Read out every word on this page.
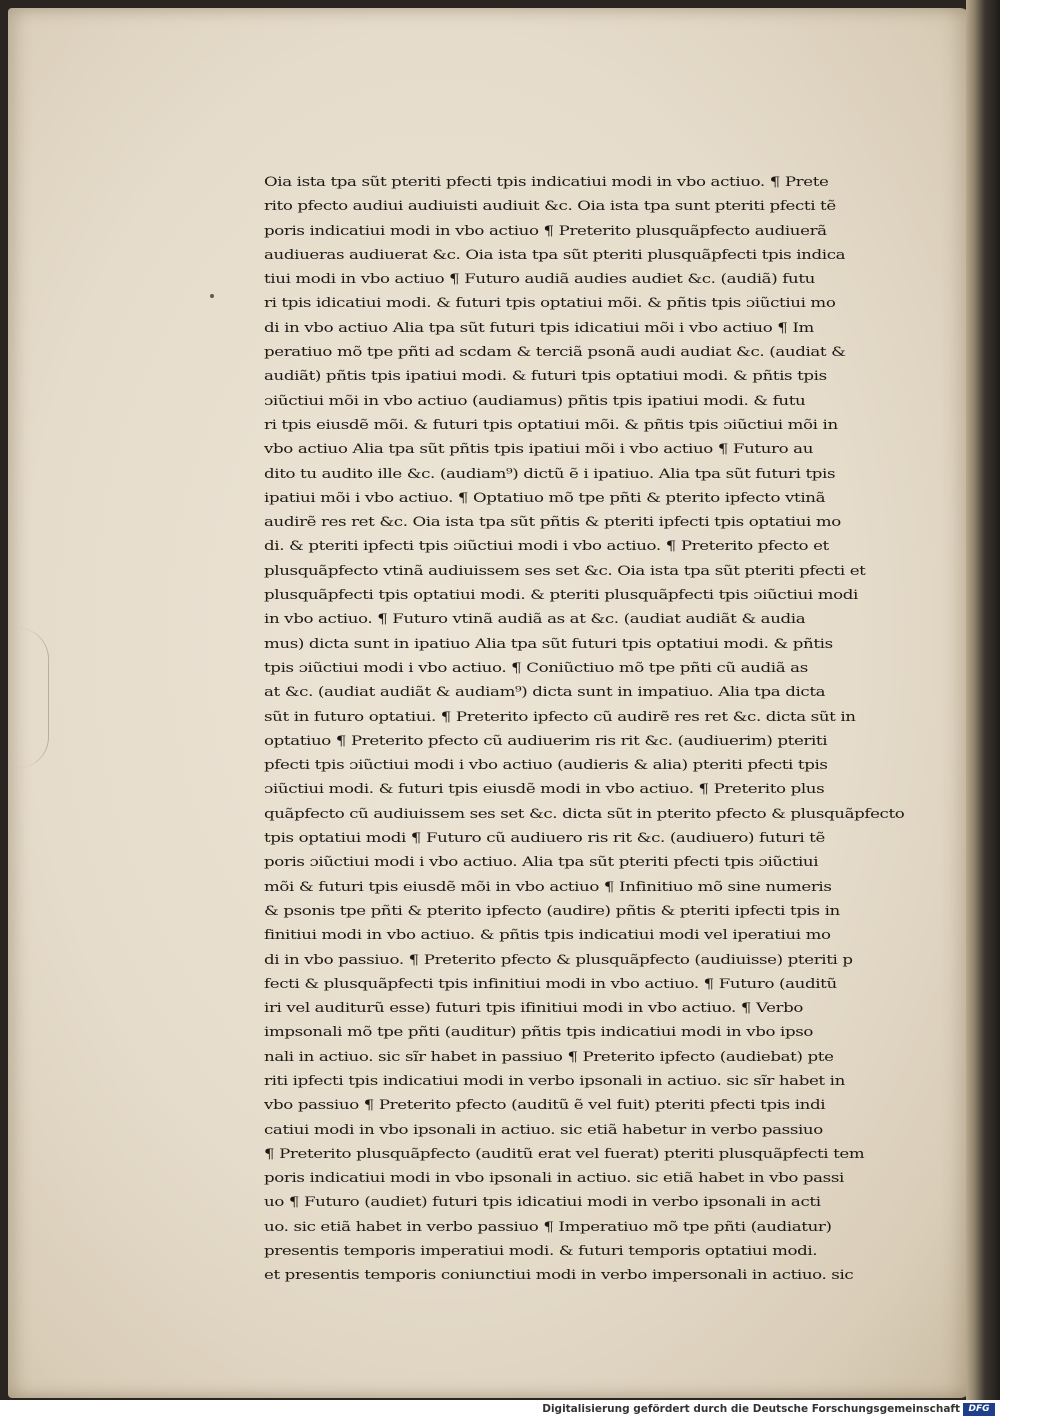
Oia ista tpa sũt pteriti pfecti tpis indicatiui modi in vbo actiuo. ¶ Prete
rito pfecto audiui audiuisti audiuit &c. Oia ista tpa sunt pteriti pfecti tẽ
poris indicatiui modi in vbo actiuo ¶ Preterito plusquãpfecto audiuerã
audiueras audiuerat &c. Oia ista tpa sũt pteriti plusquãpfecti tpis indica
tiui modi in vbo actiuo ¶ Futuro audiã audies audiet &c. (audiã) futu
ri tpis idicatiui modi. & futuri tpis optatiui mõi. & pñtis tpis ɔiũctiui mo
di in vbo actiuo Alia tpa sũt futuri tpis idicatiui mõi i vbo actiuo ¶ Im
peratiuo mõ tpe pñti ad scdam & terciã psonã audi audiat &c. (audiat &
audiãt) pñtis tpis ipatiui modi. & futuri tpis optatiui modi. & pñtis tpis
ɔiũctiui mõi in vbo actiuo (audiamus) pñtis tpis ipatiui modi. & futu
ri tpis eiusdẽ mõi. & futuri tpis optatiui mõi. & pñtis tpis ɔiũctiui mõi in
vbo actiuo Alia tpa sũt pñtis tpis ipatiui mõi i vbo actiuo ¶ Futuro au
dito tu audito ille &c. (audiam⁹) dictũ ẽ i ipatiuo. Alia tpa sũt futuri tpis
ipatiui mõi i vbo actiuo. ¶ Optatiuo mõ tpe pñti & pterito ipfecto vtinã
audirẽ res ret &c. Oia ista tpa sũt pñtis & pteriti ipfecti tpis optatiui mo
di. & pteriti ipfecti tpis ɔiũctiui modi i vbo actiuo. ¶ Preterito pfecto et
plusquãpfecto vtinã audiuissem ses set &c. Oia ista tpa sũt pteriti pfecti et
plusquãpfecti tpis optatiui modi. & pteriti plusquãpfecti tpis ɔiũctiui modi
in vbo actiuo. ¶ Futuro vtinã audiã as at &c. (audiat audiãt & audia
mus) dicta sunt in ipatiuo Alia tpa sũt futuri tpis optatiui modi. & pñtis
tpis ɔiũctiui modi i vbo actiuo. ¶ Coniũctiuo mõ tpe pñti cũ audiã as
at &c. (audiat audiãt & audiam⁹) dicta sunt in impatiuo. Alia tpa dicta
sũt in futuro optatiui. ¶ Preterito ipfecto cũ audirẽ res ret &c. dicta sũt in
optatiuo ¶ Preterito pfecto cũ audiuerim ris rit &c. (audiuerim) pteriti
pfecti tpis ɔiũctiui modi i vbo actiuo (audieris & alia) pteriti pfecti tpis
ɔiũctiui modi. & futuri tpis eiusdẽ modi in vbo actiuo. ¶ Preterito plus
quãpfecto cũ audiuissem ses set &c. dicta sũt in pterito pfecto & plusquãpfecto
tpis optatiui modi ¶ Futuro cũ audiuero ris rit &c. (audiuero) futuri tẽ
poris ɔiũctiui modi i vbo actiuo. Alia tpa sũt pteriti pfecti tpis ɔiũctiui
mõi & futuri tpis eiusdẽ mõi in vbo actiuo ¶ Infinitiuo mõ sine numeris
& psonis tpe pñti & pterito ipfecto (audire) pñtis & pteriti ipfecti tpis in
finitiui modi in vbo actiuo. & pñtis tpis indicatiui modi vel iperatiui mo
di in vbo passiuo. ¶ Preterito pfecto & plusquãpfecto (audiuisse) pteriti p
fecti & plusquãpfecti tpis infinitiui modi in vbo actiuo. ¶ Futuro (auditũ
iri vel auditurũ esse) futuri tpis ifinitiui modi in vbo actiuo. ¶ Verbo
impsonali mõ tpe pñti (auditur) pñtis tpis indicatiui modi in vbo ipso
nali in actiuo. sic sĩr habet in passiuo ¶ Preterito ipfecto (audiebat) pte
riti ipfecti tpis indicatiui modi in verbo ipsonali in actiuo. sic sĩr habet in
vbo passiuo ¶ Preterito pfecto (auditũ ẽ vel fuit) pteriti pfecti tpis indi
catiui modi in vbo ipsonali in actiuo. sic etiã habetur in verbo passiuo
¶ Preterito plusquãpfecto (auditũ erat vel fuerat) pteriti plusquãpfecti tem
poris indicatiui modi in vbo ipsonali in actiuo. sic etiã habet in vbo passi
uo ¶ Futuro (audiet) futuri tpis idicatiui modi in verbo ipsonali in acti
uo. sic etiã habet in verbo passiuo ¶ Imperatiuo mõ tpe pñti (audiatur)
presentis temporis imperatiui modi. & futuri temporis optatiui modi.
et presentis temporis coniunctiui modi in verbo impersonali in actiuo. sic
Digitalisierung gefördert durch die Deutsche Forschungsgemeinschaft DFG
